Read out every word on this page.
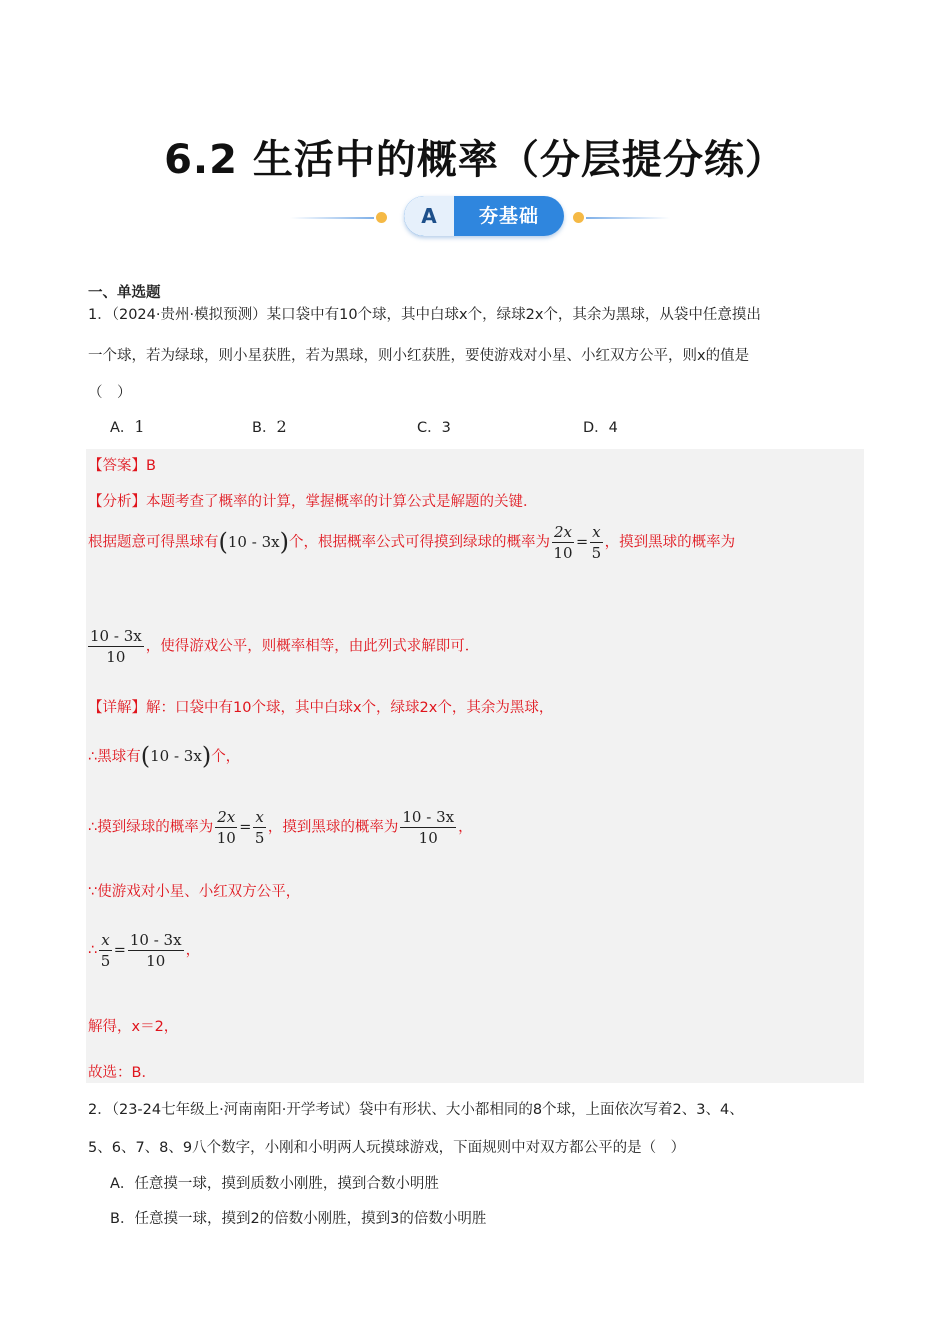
6.2 生活中的概率（分层提分练）
A	夯基础
一、单选题
1．（2024·贵州·模拟预测）某口袋中有10个球，其中白球x个，绿球2x个，其余为黑球，从袋中任意摸出
一个球，若为绿球，则小星获胜，若为黑球，则小红获胜，要使游戏对小星、小红双方公平，则x的值是
（　）
A．1	B．2	C．3	D．4
【答案】B
【分析】本题考查了概率的计算，掌握概率的计算公式是解题的关键．
根据题意可得黑球有(10 - 3x)个，根据概率公式可得摸到绿球的概率为 $\frac{2x}{10} = \frac{x}{5}$ ，摸到黑球的概率为
$\frac{10 - 3x}{10}$ ，使得游戏公平，则概率相等，由此列式求解即可．
【详解】解：口袋中有10个球，其中白球x个，绿球2x个，其余为黑球，
∴黑球有(10 - 3x)个，
∴摸到绿球的概率为 $\frac{2x}{10} = \frac{x}{5}$ ，摸到黑球的概率为 $\frac{10 - 3x}{10}$ ，
∵使游戏对小星、小红双方公平，
∴ $\frac{x}{5} = \frac{10 - 3x}{10}$ ，
解得，x＝2，
故选：B．
2．（23-24七年级上·河南南阳·开学考试）袋中有形状、大小都相同的8个球，上面依次写着2、3、4、
5、6、7、8、9八个数字，小刚和小明两人玩摸球游戏，下面规则中对双方都公平的是（　）
A．任意摸一球，摸到质数小刚胜，摸到合数小明胜
B．任意摸一球，摸到2的倍数小刚胜，摸到3的倍数小明胜
